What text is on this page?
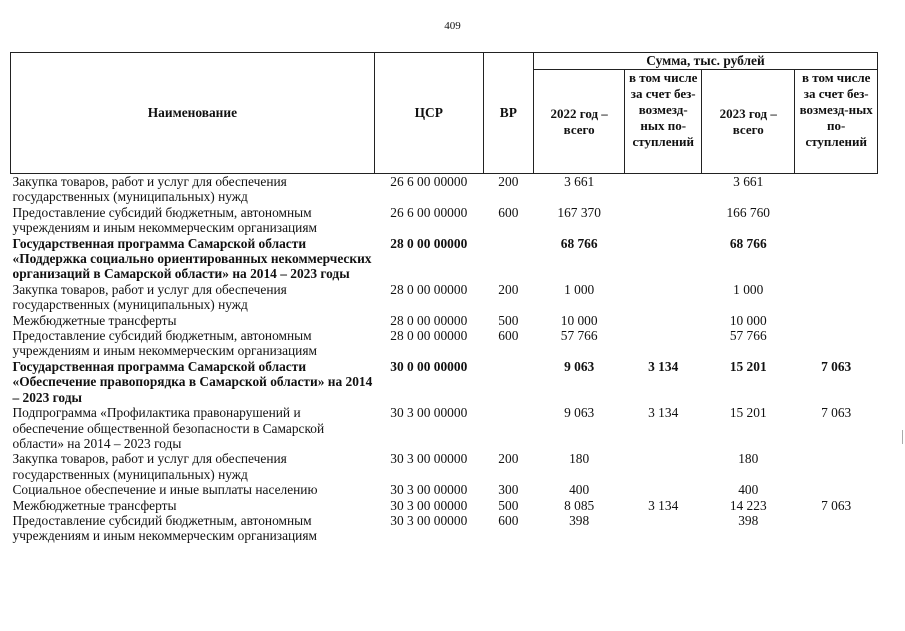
409
Наименование	ЦСР	ВР	Сумма, тыс. рублей			
			2022 год – всего	в том числе за счет без-возмезд-ных по-ступлений	2023 год – всего	в том числе за счет без-возмезд-ных по-ступлений
Закупка товаров, работ и услуг для обеспечения государственных (муниципальных) нужд	26 6 00 00000	200	3 661		3 661	
Предоставление субсидий бюджетным, автономным учреждениям и иным некоммерческим организациям	26 6 00 00000	600	167 370		166 760	
Государственная программа Самарской области «Поддержка социально ориентированных некоммерческих организаций в Самарской области» на 2014 – 2023 годы	28 0 00 00000		68 766		68 766	
Закупка товаров, работ и услуг для обеспечения государственных (муниципальных) нужд	28 0 00 00000	200	1 000		1 000	
Межбюджетные трансферты	28 0 00 00000	500	10 000		10 000	
Предоставление субсидий бюджетным, автономным учреждениям и иным некоммерческим организациям	28 0 00 00000	600	57 766		57 766	
Государственная программа Самарской области «Обеспечение правопорядка в Самарской области» на 2014 – 2023 годы	30 0 00 00000		9 063	3 134	15 201	7 063
Подпрограмма «Профилактика правонарушений и обеспечение общественной безопасности в Самарской области» на 2014 – 2023 годы	30 3 00 00000		9 063	3 134	15 201	7 063
Закупка товаров, работ и услуг для обеспечения государственных (муниципальных) нужд	30 3 00 00000	200	180		180	
Социальное обеспечение и иные выплаты населению	30 3 00 00000	300	400		400	
Межбюджетные трансферты	30 3 00 00000	500	8 085	3 134	14 223	7 063
Предоставление субсидий бюджетным, автономным учреждениям и иным некоммерческим организациям	30 3 00 00000	600	398		398	
